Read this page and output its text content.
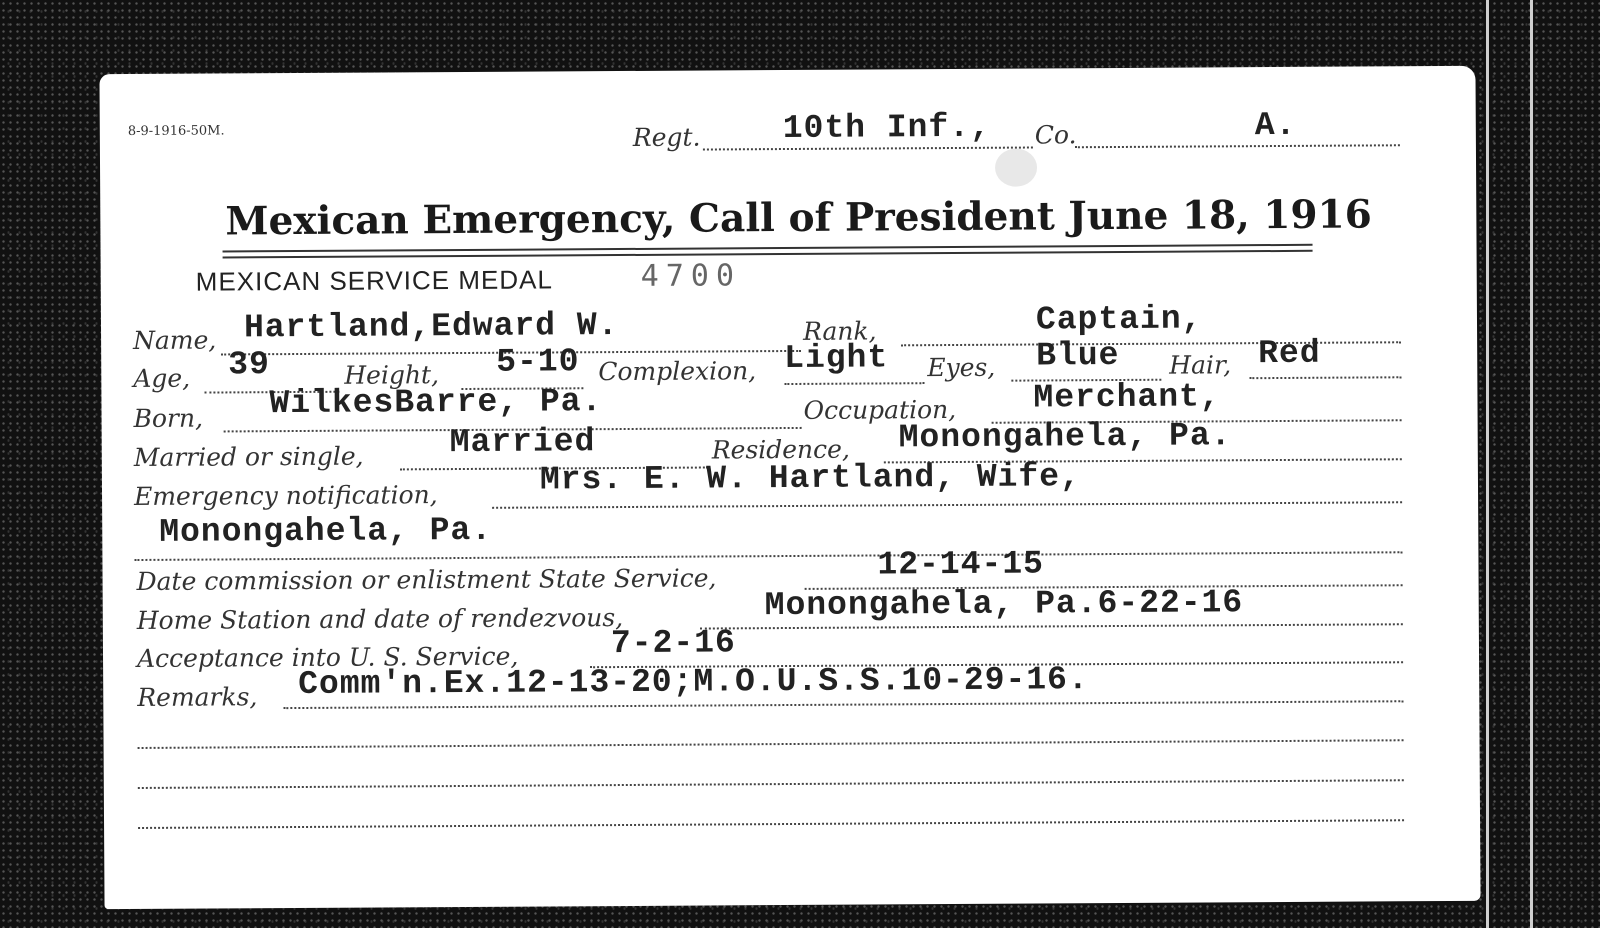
8-9-1916-50M.	Regt. 10th Inf., Co.	A.
Mexican Emergency, Call of President June 18, 1916
MEXICAN SERVICE MEDAL	4700
Name, Hartland,Edward W.	Rank,	Captain,
Age, 39	Height, 5-10 Complexion, Light Eyes, Blue Hair, Red
Born, WilkesBarre, Pa.	Occupation, Merchant,
Married or single,	Married	Residence, Monongahela, Pa.
Emergency notification,	Mrs. E. W. Hartland, Wife,
Monongahela, Pa.
Date commission or enlistment State Service,	12-14-15
Home Station and date of rendezvous,	Monongahela, Pa.6-22-16
Acceptance into U. S. Service,	7-2-16
Remarks, Comm'n.Ex.12-13-20;M.O.U.S.S.10-29-16.
